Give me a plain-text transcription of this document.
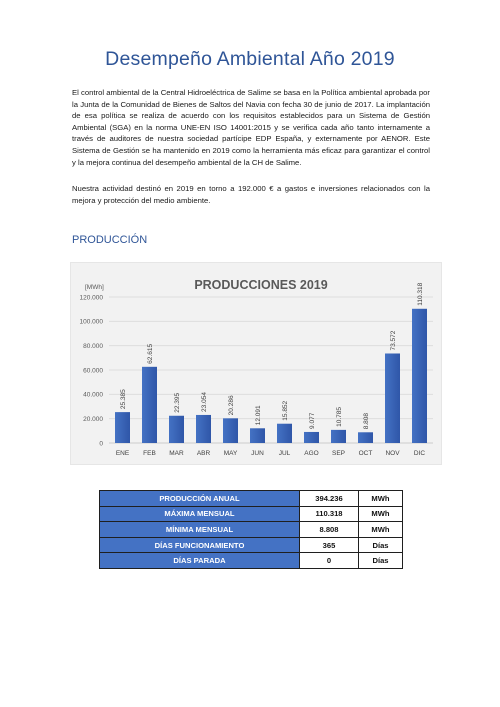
Desempeño Ambiental Año 2019
El control ambiental de la Central Hidroeléctrica de Salime se basa en la Política ambiental aprobada por la Junta de la Comunidad de Bienes de Saltos del Navia con fecha 30 de junio de 2017. La implantación de esa política se realiza de acuerdo con los requisitos establecidos para un Sistema de Gestión Ambiental (SGA) en la norma UNE-EN ISO 14001:2015 y se verifica cada año tanto internamente a través de auditores de nuestra sociedad partícipe EDP España, y externamente por AENOR. Este Sistema de Gestión se ha mantenido en 2019 como la herramienta más eficaz para garantizar el control y la mejora continua del desempeño ambiental de la CH de Salime.
Nuestra actividad destinó en 2019 en torno a 192.000 € a gastos e inversiones relacionados con la mejora y protección del medio ambiente.
PRODUCCIÓN
PRODUCCIONES 2019
[MWh]
0
20.000
40.000
60.000
80.000
100.000
120.000
25.385
ENE
62.615
FEB
22.395
MAR
23.054
ABR
20.286
MAY
12.091
JUN
15.852
JUL
9.077
AGO
10.785
SEP
8.808
OCT
73.572
NOV
110.318
DIC
PRODUCCIÓN ANUAL	394.236	MWh
MÁXIMA MENSUAL	110.318	MWh
MÍNIMA MENSUAL	8.808	MWh
DÍAS FUNCIONAMIENTO	365	Días
DÍAS PARADA	0	Días
